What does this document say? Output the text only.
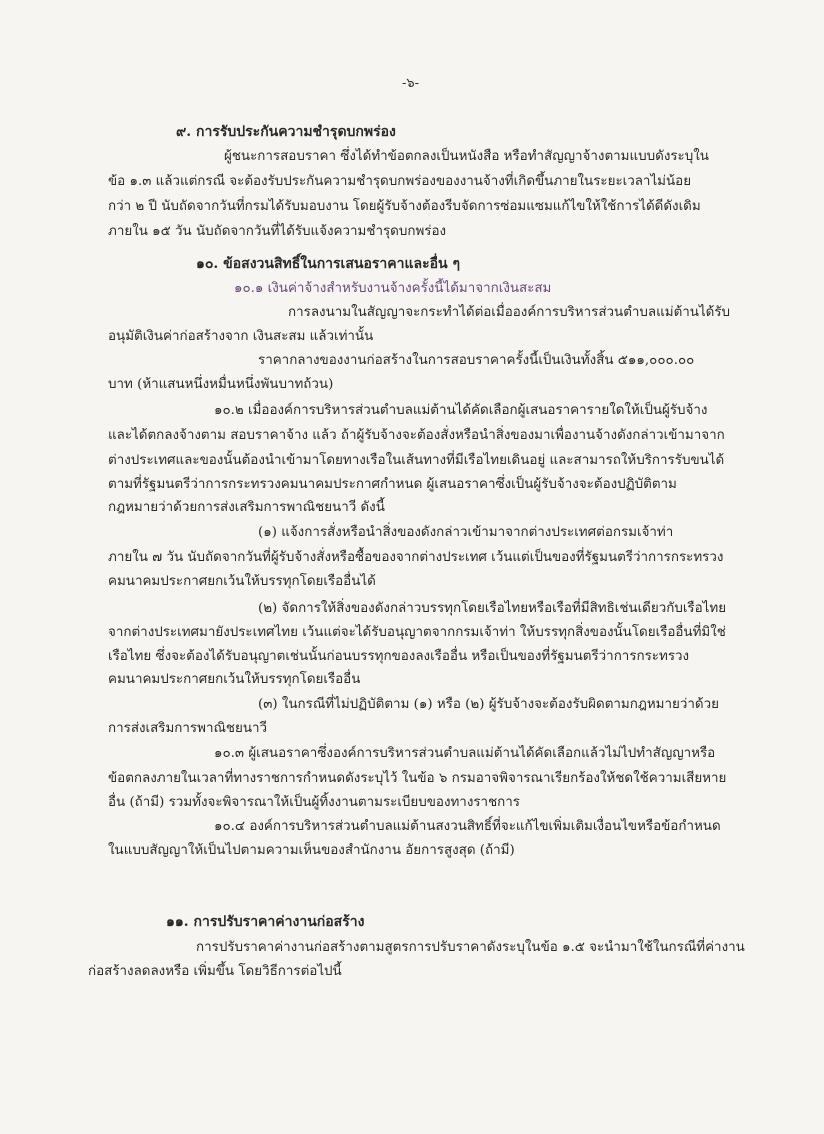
-๖-
๙. การรับประกันความชำรุดบกพร่อง
ผู้ชนะการสอบราคา ซึ่งได้ทำข้อตกลงเป็นหนังสือ หรือทำสัญญาจ้างตามแบบดังระบุใน
ข้อ ๑.๓ แล้วแต่กรณี จะต้องรับประกันความชำรุดบกพร่องของงานจ้างที่เกิดขึ้นภายในระยะเวลาไม่น้อย
กว่า ๒ ปี นับถัดจากวันที่กรมได้รับมอบงาน โดยผู้รับจ้างต้องรีบจัดการซ่อมแซมแก้ไขให้ใช้การได้ดีดังเดิม
ภายใน ๑๕ วัน นับถัดจากวันที่ได้รับแจ้งความชำรุดบกพร่อง
๑๐. ข้อสงวนสิทธิ์ในการเสนอราคาและอื่น ๆ
๑๐.๑ เงินค่าจ้างสำหรับงานจ้างครั้งนี้ได้มาจากเงินสะสม
การลงนามในสัญญาจะกระทำได้ต่อเมื่อองค์การบริหารส่วนตำบลแม่ต้านได้รับ
อนุมัติเงินค่าก่อสร้างจาก เงินสะสม แล้วเท่านั้น
ราคากลางของงานก่อสร้างในการสอบราคาครั้งนี้เป็นเงินทั้งสิ้น ๕๑๑,๐๐๐.๐๐
บาท (ห้าแสนหนึ่งหมื่นหนึ่งพันบาทถ้วน)
๑๐.๒ เมื่อองค์การบริหารส่วนตำบลแม่ต้านได้คัดเลือกผู้เสนอราคารายใดให้เป็นผู้รับจ้าง
และได้ตกลงจ้างตาม สอบราคาจ้าง แล้ว ถ้าผู้รับจ้างจะต้องสั่งหรือนำสิ่งของมาเพื่องานจ้างดังกล่าวเข้ามาจาก
ต่างประเทศและของนั้นต้องนำเข้ามาโดยทางเรือในเส้นทางที่มีเรือไทยเดินอยู่ และสามารถให้บริการรับขนได้
ตามที่รัฐมนตรีว่าการกระทรวงคมนาคมประกาศกำหนด ผู้เสนอราคาซึ่งเป็นผู้รับจ้างจะต้องปฏิบัติตาม
กฎหมายว่าด้วยการส่งเสริมการพาณิชยนาวี ดังนี้
(๑) แจ้งการสั่งหรือนำสิ่งของดังกล่าวเข้ามาจากต่างประเทศต่อกรมเจ้าท่า
ภายใน ๗ วัน นับถัดจากวันที่ผู้รับจ้างสั่งหรือซื้อของจากต่างประเทศ เว้นแต่เป็นของที่รัฐมนตรีว่าการกระทรวง
คมนาคมประกาศยกเว้นให้บรรทุกโดยเรืออื่นได้
(๒) จัดการให้สิ่งของดังกล่าวบรรทุกโดยเรือไทยหรือเรือที่มีสิทธิเช่นเดียวกับเรือไทย
จากต่างประเทศมายังประเทศไทย เว้นแต่จะได้รับอนุญาตจากกรมเจ้าท่า ให้บรรทุกสิ่งของนั้นโดยเรืออื่นที่มิใช่
เรือไทย ซึ่งจะต้องได้รับอนุญาตเช่นนั้นก่อนบรรทุกของลงเรืออื่น หรือเป็นของที่รัฐมนตรีว่าการกระทรวง
คมนาคมประกาศยกเว้นให้บรรทุกโดยเรืออื่น
(๓) ในกรณีที่ไม่ปฏิบัติตาม (๑) หรือ (๒) ผู้รับจ้างจะต้องรับผิดตามกฎหมายว่าด้วย
การส่งเสริมการพาณิชยนาวี
๑๐.๓ ผู้เสนอราคาซึ่งองค์การบริหารส่วนตำบลแม่ต้านได้คัดเลือกแล้วไม่ไปทำสัญญาหรือ
ข้อตกลงภายในเวลาที่ทางราชการกำหนดดังระบุไว้ ในข้อ ๖ กรมอาจพิจารณาเรียกร้องให้ชดใช้ความเสียหาย
อื่น (ถ้ามี) รวมทั้งจะพิจารณาให้เป็นผู้ทิ้งงานตามระเบียบของทางราชการ
๑๐.๔ องค์การบริหารส่วนตำบลแม่ต้านสงวนสิทธิ์ที่จะแก้ไขเพิ่มเติมเงื่อนไขหรือข้อกำหนด
ในแบบสัญญาให้เป็นไปตามความเห็นของสำนักงาน อัยการสูงสุด (ถ้ามี)
๑๑. การปรับราคาค่างานก่อสร้าง
การปรับราคาค่างานก่อสร้างตามสูตรการปรับราคาดังระบุในข้อ ๑.๕ จะนำมาใช้ในกรณีที่ค่างาน
ก่อสร้างลดลงหรือ เพิ่มขึ้น โดยวิธีการต่อไปนี้
